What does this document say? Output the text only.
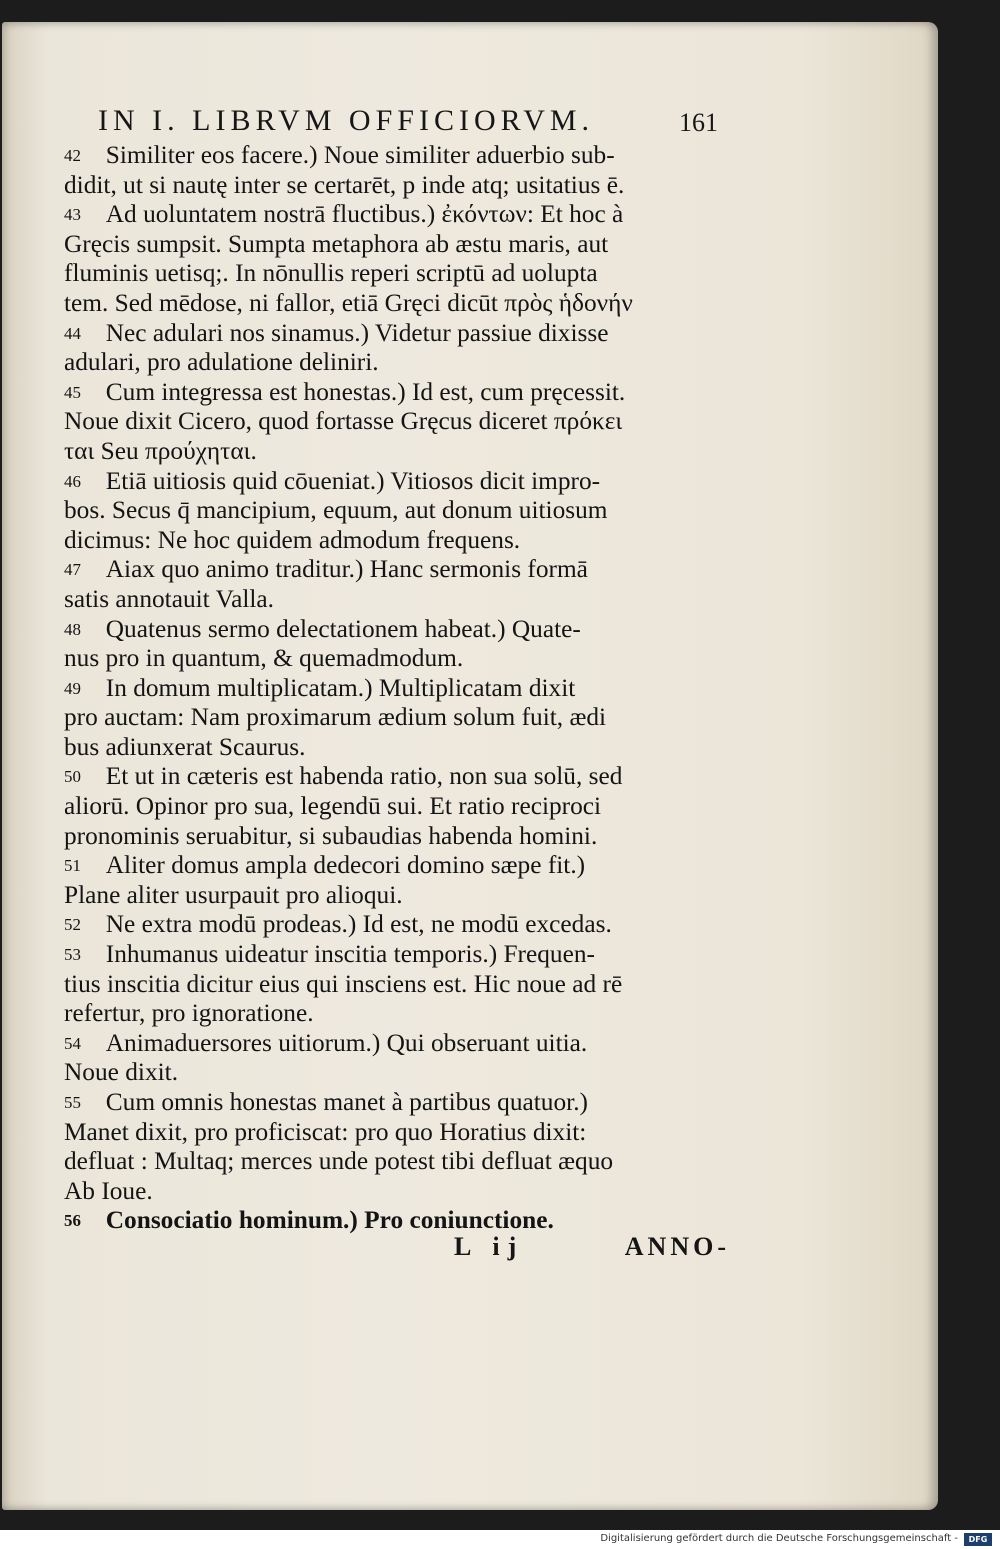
IN I. LIBRVM OFFICIORVM.	161
42 Similiter eos facere.) Noue similiter aduerbio sub-
didit, ut si nautę inter se certarēt, p inde atq; usitatius ē.
43 Ad uoluntatem nostrā fluctibus.) ἐκόντων: Et hoc à
Gręcis sumpsit. Sumpta metaphora ab æstu maris, aut
fluminis uetisq;. In nōnullis reperi scriptū ad uolupta
tem. Sed mēdose, ni fallor, etiā Gręci dicūt πρὸς ἡδονήν
44 Nec adulari nos sinamus.) Videtur passiue dixisse
adulari, pro adulatione deliniri.
45 Cum integressa est honestas.) Id est, cum pręcessit.
Noue dixit Cicero, quod fortasse Gręcus diceret πρόκει
ται Seu προύχηται.
46 Etiā uitiosis quid cōueniat.) Vitiosos dicit impro-
bos. Secus q̄ mancipium, equum, aut donum uitiosum
dicimus: Ne hoc quidem admodum frequens.
47 Aiax quo animo traditur.) Hanc sermonis formā
satis annotauit Valla.
48 Quatenus sermo delectationem habeat.) Quate-
nus pro in quantum, & quemadmodum.
49 In domum multiplicatam.) Multiplicatam dixit
pro auctam: Nam proximarum ædium solum fuit, ædi
bus adiunxerat Scaurus.
50 Et ut in cæteris est habenda ratio, non sua solū, sed
aliorū. Opinor pro sua, legendū sui. Et ratio reciproci
pronominis seruabitur, si subaudias habenda homini.
51 Aliter domus ampla dedecori domino sæpe fit.)
Plane aliter usurpauit pro alioqui.
52 Ne extra modū prodeas.) Id est, ne modū excedas.
53 Inhumanus uideatur inscitia temporis.) Frequen-
tius inscitia dicitur eius qui insciens est. Hic noue ad rē
refertur, pro ignoratione.
54 Animaduersores uitiorum.) Qui obseruant uitia.
Noue dixit.
55 Cum omnis honestas manet à partibus quatuor.)
Manet dixit, pro proficiscat: pro quo Horatius dixit:
defluat : Multaq; merces unde potest tibi defluat æquo
Ab Ioue.
56 Consociatio hominum.) Pro coniunctione.
L ij	ANNO-
Digitalisierung gefördert durch die Deutsche Forschungsgemeinschaft -	DFG
